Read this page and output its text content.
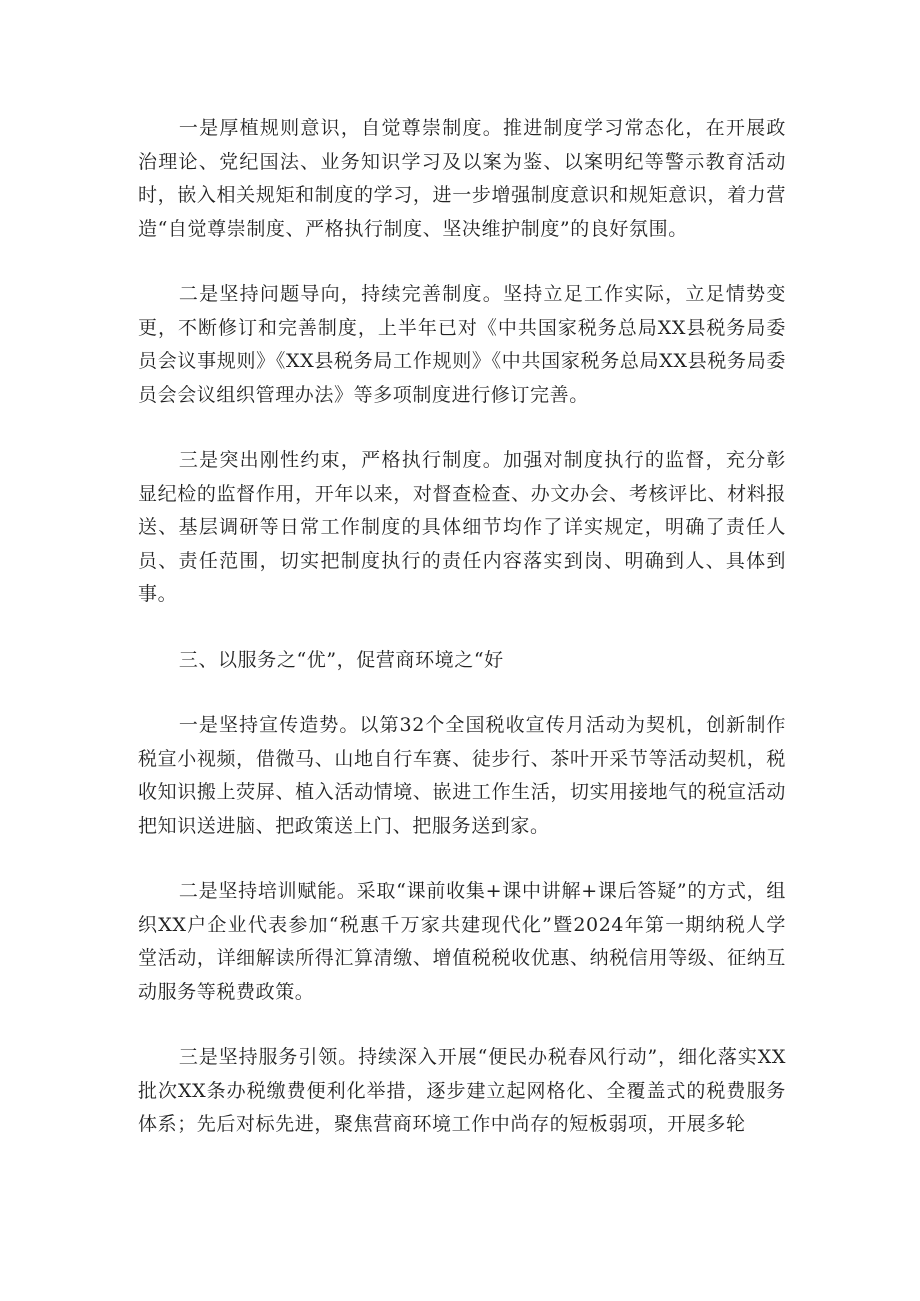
一是厚植规则意识，自觉尊崇制度。推进制度学习常态化，在开展政治理论、党纪国法、业务知识学习及以案为鉴、以案明纪等警示教育活动时，嵌入相关规矩和制度的学习，进一步增强制度意识和规矩意识，着力营造“自觉尊崇制度、严格执行制度、坚决维护制度”的良好氛围。

二是坚持问题导向，持续完善制度。坚持立足工作实际，立足情势变更，不断修订和完善制度，上半年已对《中共国家税务总局XX县税务局委员会议事规则》《XX县税务局工作规则》《中共国家税务总局XX县税务局委员会会议组织管理办法》等多项制度进行修订完善。

三是突出刚性约束，严格执行制度。加强对制度执行的监督，充分彰显纪检的监督作用，开年以来，对督查检查、办文办会、考核评比、材料报送、基层调研等日常工作制度的具体细节均作了详实规定，明确了责任人员、责任范围，切实把制度执行的责任内容落实到岗、明确到人、具体到事。

三、以服务之“优”，促营商环境之“好

一是坚持宣传造势。以第32个全国税收宣传月活动为契机，创新制作税宣小视频，借微马、山地自行车赛、徒步行、茶叶开采节等活动契机，税收知识搬上荧屏、植入活动情境、嵌进工作生活，切实用接地气的税宣活动把知识送进脑、把政策送上门、把服务送到家。

二是坚持培训赋能。采取“课前收集+课中讲解+课后答疑”的方式，组织XX户企业代表参加“税惠千万家共建现代化”暨2024年第一期纳税人学堂活动，详细解读所得汇算清缴、增值税税收优惠、纳税信用等级、征纳互动服务等税费政策。

三是坚持服务引领。持续深入开展“便民办税春风行动”，细化落实XX批次XX条办税缴费便利化举措，逐步建立起网格化、全覆盖式的税费服务体系；先后对标先进，聚焦营商环境工作中尚存的短板弱项，开展多轮
